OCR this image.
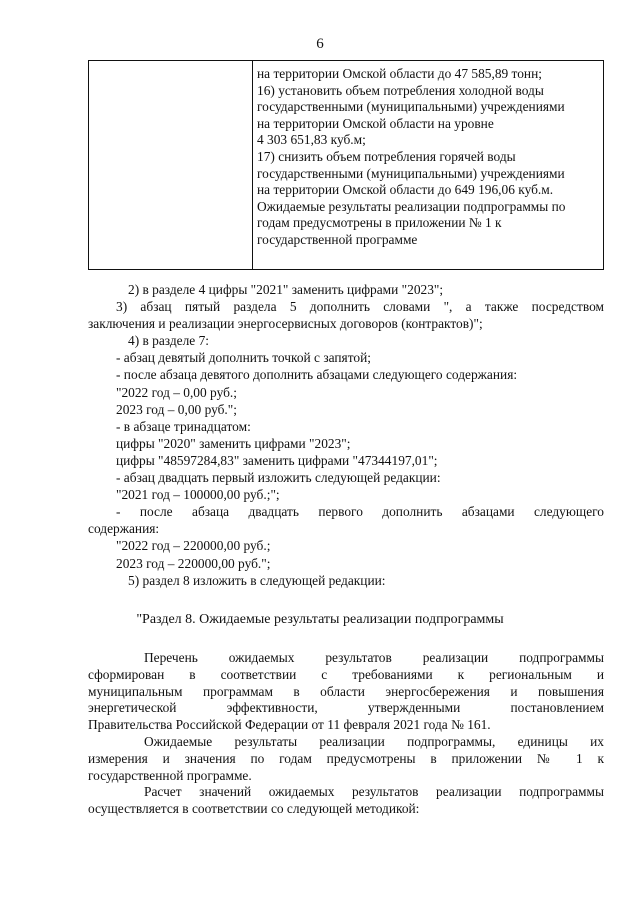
6
на территории Омской области до 47 585,89 тонн;
16) установить объем потребления холодной воды
государственными (муниципальными) учреждениями
на территории Омской области на уровне
4 303 651,83 куб.м;
17) снизить объем потребления горячей воды
государственными (муниципальными) учреждениями
на территории Омской области до 649 196,06 куб.м.
Ожидаемые результаты реализации подпрограммы по
годам предусмотрены в приложении № 1 к
государственной программе
2) в разделе 4 цифры "2021" заменить цифрами "2023";
3) абзац пятый раздела 5 дополнить словами ", а также посредством
заключения и реализации энергосервисных договоров (контрактов)";
4) в разделе 7:
- абзац девятый дополнить точкой с запятой;
- после абзаца девятого дополнить абзацами следующего содержания:
"2022 год – 0,00 руб.;
2023 год – 0,00 руб.";
- в абзаце тринадцатом:
цифры "2020" заменить цифрами "2023";
цифры "48597284,83" заменить цифрами "47344197,01";
- абзац двадцать первый изложить следующей редакции:
"2021 год – 100000,00 руб.;";
- после абзаца двадцать первого дополнить абзацами следующего
содержания:
"2022 год – 220000,00 руб.;
2023 год – 220000,00 руб.";
5) раздел 8 изложить в следующей редакции:
"Раздел 8. Ожидаемые результаты реализации подпрограммы
Перечень ожидаемых результатов реализации подпрограммы
сформирован в соответствии с требованиями к региональным и
муниципальным программам в области энергосбережения и повышения
энергетической эффективности, утвержденными постановлением
Правительства Российской Федерации от 11 февраля 2021 года № 161.
Ожидаемые результаты реализации подпрограммы, единицы их
измерения и значения по годам предусмотрены в приложении № 1 к
государственной программе.
Расчет значений ожидаемых результатов реализации подпрограммы
осуществляется в соответствии со следующей методикой:
